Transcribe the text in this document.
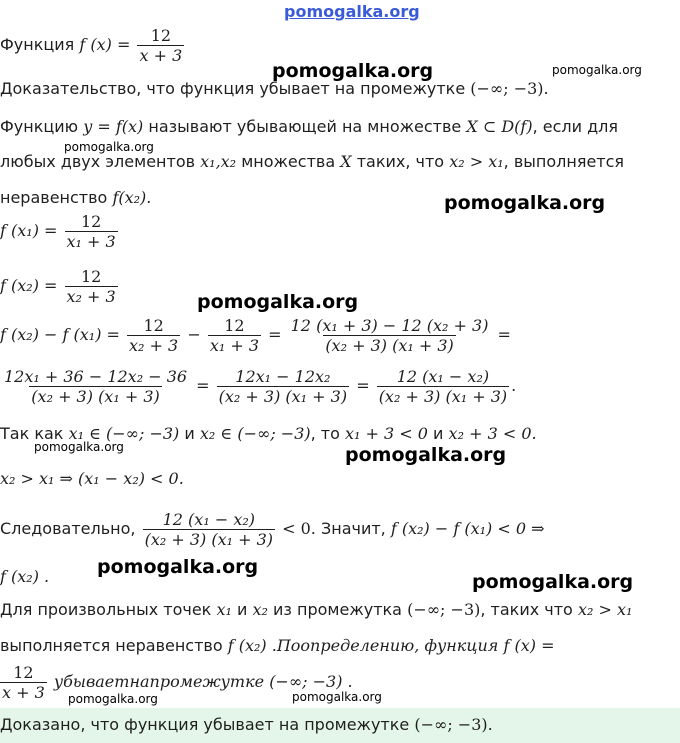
pomogalka.org
pomogalka.org	pomogalka.org
pomogalka.org
pomogalka.org
pomogalka.org
pomogalka.org	pomogalka.org
pomogalka.org
pomogalka.org
pomogalka.org	pomogalka.org
Функция f $(x) = \frac{12}{x + 3}$
Доказательство, что функция убывает на промежутке (−∞; −3).
Функцию y = f(x) называют убывающей на множестве X ⊂ D(f), если для
любых двух элементов x₁,x₂ множества X таких, что x₂ > x₁, выполняется
неравенство f(x₂).
f $(x_1) = \frac{12}{\text{x₁ + 3}}$
f $(x_2) = \frac{12}{\text{x₂ + 3}}$
f (x₂) − f $(x_1) = \frac{12}{\text{x₂ + 3}} - \frac{12}{\text{x₁ + 3}} = \frac{\text{12 (x₁ + 3) − 12 (x₂ + 3)}}{\text{(x₂ + 3) (x₁ + 3)}}$ =
$\frac{\text{12x₁ + 36 − 12x₂ − 36}}{\text{(x₂ + 3) (x₁ + 3)}} = \frac{\text{12x₁ − 12x₂}}{\text{(x₂ + 3) (x₁ + 3)}} = \frac{\text{12 (x₁ − x₂)}}{\text{(x₂ + 3) (x₁ + 3)}}$ .
Так как x₁ ∈ (−∞; −3) и x₂ ∈ (−∞; −3), то x₁ + 3 < 0 и x₂ + 3 < 0.
x₂ > x₁ ⇒ (x₁ − x₂) < 0.
Следовательно, $\frac{\text{12 (x₁ − x₂)}}{\text{(x₂ + 3) (x₁ + 3)}} < 0$. Значит, f (x₂) − f (x₁) < 0 ⇒
f (x₂) .
Для произвольных точек x₁ и x₂ из промежутка (−∞; −3), таких что x₂ > x₁
выполняется неравенство f (x₂) .Поопределению, функция f (x) =
$\frac{12}{x + 3}$ убываетнапромежутке (−∞; −3) .
Доказано, что функция убывает на промежутке (−∞; −3).
